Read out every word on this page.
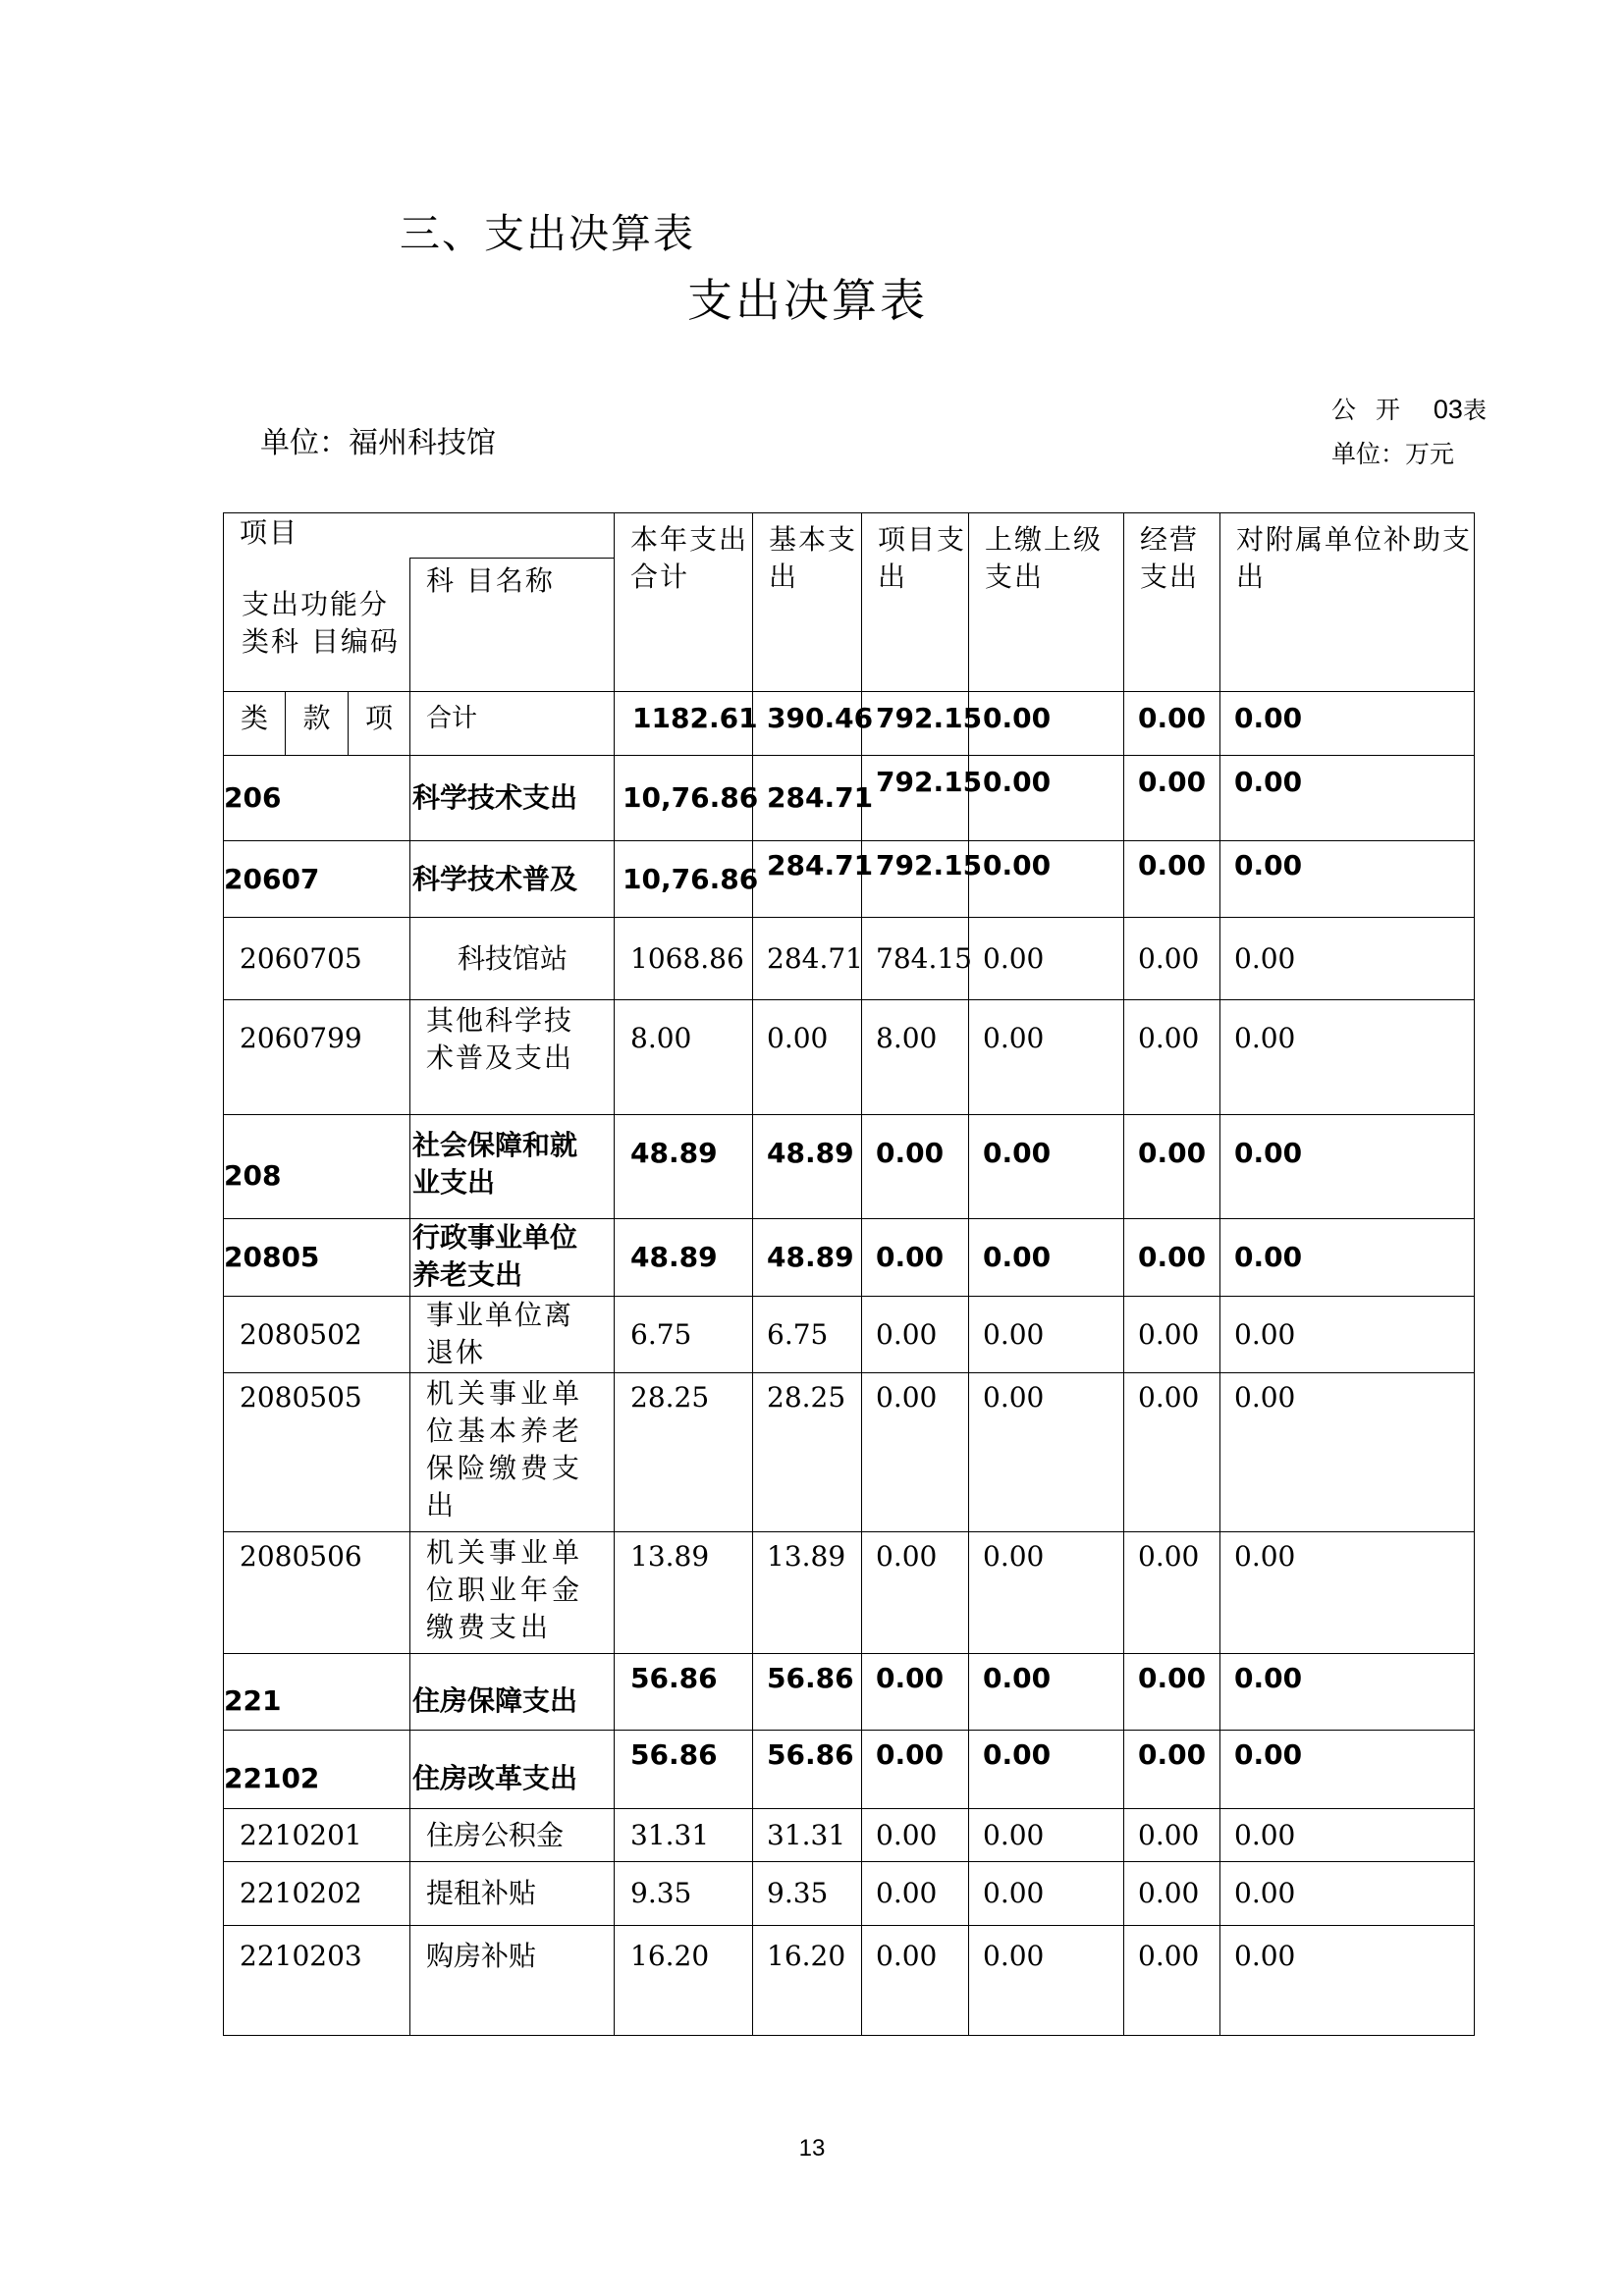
三、支出决算表
支出决算表
单位：福州科技馆
公 开 03表
单位：万元
项目				本年支出合计	基本支 出	项目支 出	上缴上级支出	经营支出	对附属单位补助支出
支出功能分类科 目编码			科 目名称						
类	款	项	合计	1182.61	390.46	792.15	0.00	0.00	0.00
206			科学技术支出	10,76.86	284.71	792.15	0.00	0.00	0.00
20607			科学技术普及	10,76.86	284.71	792.15	0.00	0.00	0.00
2060705			科技馆站	1068.86	284.71	784.15	0.00	0.00	0.00
2060799			其他科学技术普及支出	8.00	0.00	8.00	0.00	0.00	0.00
208			社会保障和就业支出	48.89	48.89	0.00	0.00	0.00	0.00
20805			行政事业单位养老支出	48.89	48.89	0.00	0.00	0.00	0.00
2080502			事业单位离退休	6.75	6.75	0.00	0.00	0.00	0.00
2080505			机关事业单位基本养老保险缴费支出	28.25	28.25	0.00	0.00	0.00	0.00
2080506			机关事业单位职业年金缴费支出	13.89	13.89	0.00	0.00	0.00	0.00
221			住房保障支出	56.86	56.86	0.00	0.00	0.00	0.00
22102			住房改革支出	56.86	56.86	0.00	0.00	0.00	0.00
2210201			住房公积金	31.31	31.31	0.00	0.00	0.00	0.00
2210202			提租补贴	9.35	9.35	0.00	0.00	0.00	0.00
2210203			购房补贴	16.20	16.20	0.00	0.00	0.00	0.00
13
